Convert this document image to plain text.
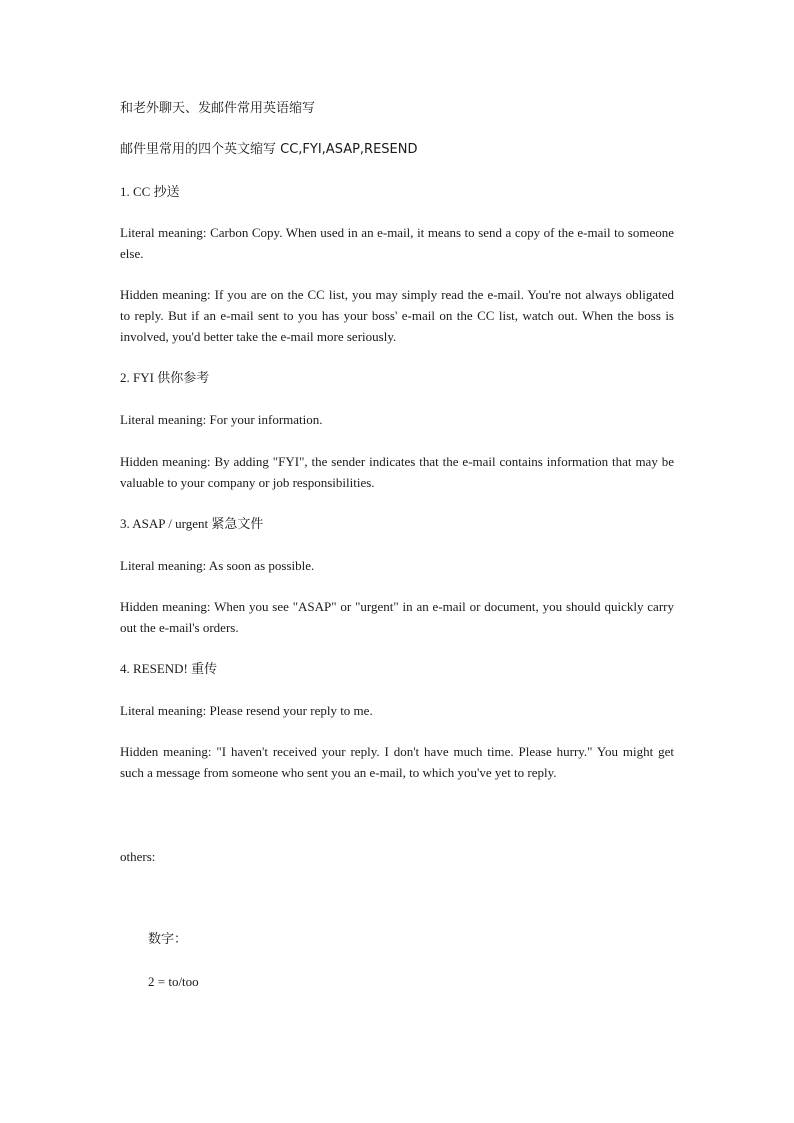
和老外聊天、发邮件常用英语缩写

邮件里常用的四个英文缩写 CC,FYI,ASAP,RESEND

1. CC 抄送

Literal meaning: Carbon Copy. When used in an e-mail, it means to send a copy of the e-mail to someone else.

Hidden meaning: If you are on the CC list, you may simply read the e-mail. You're not always obligated to reply. But if an e-mail sent to you has your boss' e-mail on the CC list, watch out. When the boss is involved, you'd better take the e-mail more seriously.

2. FYI 供你参考

Literal meaning: For your information.

Hidden meaning: By adding "FYI", the sender indicates that the e-mail contains information that may be valuable to your company or job responsibilities.

3. ASAP / urgent 紧急文件

Literal meaning: As soon as possible.

Hidden meaning: When you see "ASAP" or "urgent" in an e-mail or document, you should quickly carry out the e-mail's orders.

4. RESEND! 重传

Literal meaning: Please resend your reply to me.

Hidden meaning: "I haven't received your reply. I don't have much time. Please hurry." You might get such a message from someone who sent you an e-mail, to which you've yet to reply.

others:

数字：

2 = to/too
